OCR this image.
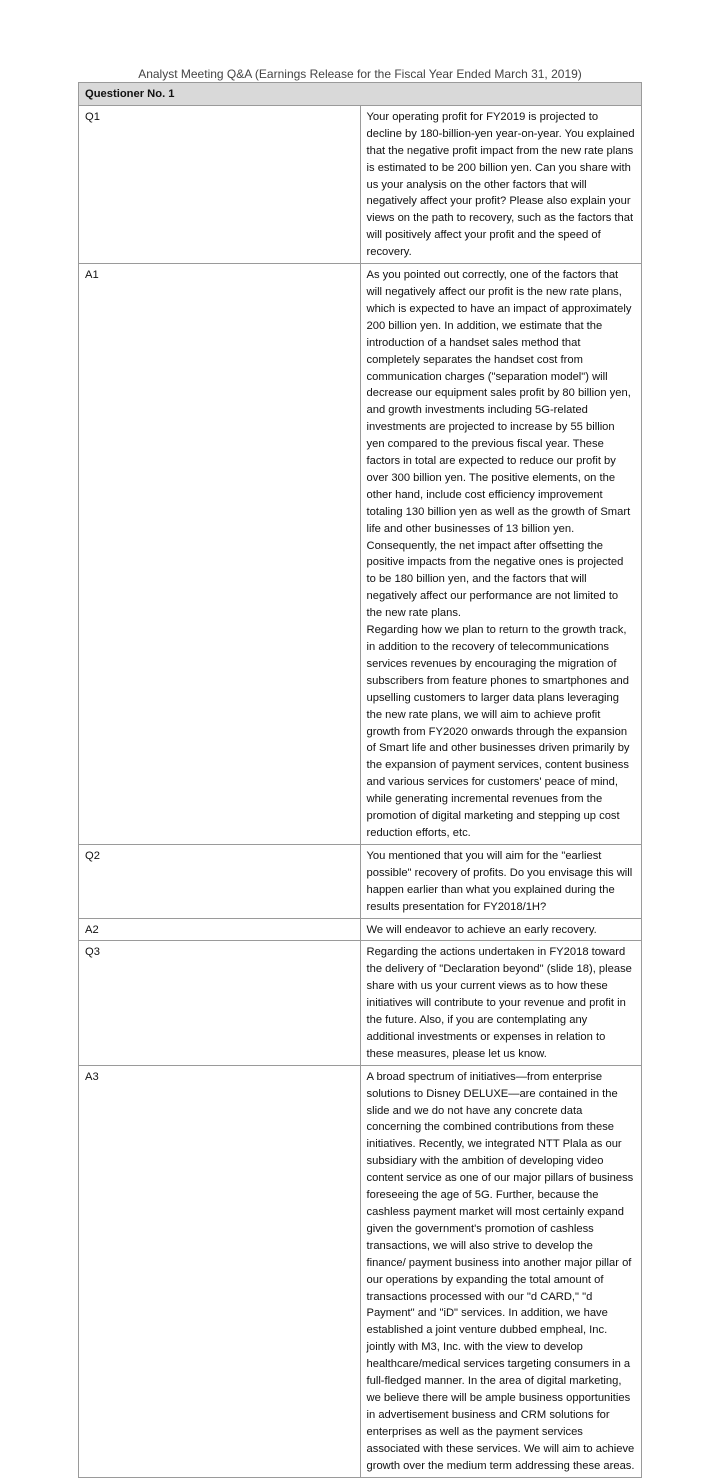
Analyst Meeting Q&A (Earnings Release for the Fiscal Year Ended March 31, 2019)
Questioner No. 1	
Q1	Your operating profit for FY2019 is projected to decline by 180-billion-yen year-on-year. You explained that the negative profit impact from the new rate plans is estimated to be 200 billion yen. Can you share with us your analysis on the other factors that will negatively affect your profit? Please also explain your views on the path to recovery, such as the factors that will positively affect your profit and the speed of recovery.

A1	As you pointed out correctly, one of the factors that will negatively affect our profit is the new rate plans, which is expected to have an impact of approximately 200 billion yen. In addition, we estimate that the introduction of a handset sales method that completely separates the handset cost from communication charges ("separation model") will decrease our equipment sales profit by 80 billion yen, and growth investments including 5G-related investments are projected to increase by 55 billion yen compared to the previous fiscal year. These factors in total are expected to reduce our profit by over 300 billion yen. The positive elements, on the other hand, include cost efficiency improvement totaling 130 billion yen as well as the growth of Smart life and other businesses of 13 billion yen. Consequently, the net impact after offsetting the positive impacts from the negative ones is projected to be 180 billion yen, and the factors that will negatively affect our performance are not limited to the new rate plans.

Regarding how we plan to return to the growth track, in addition to the recovery of telecommunications services revenues by encouraging the migration of subscribers from feature phones to smartphones and upselling customers to larger data plans leveraging the new rate plans, we will aim to achieve profit growth from FY2020 onwards through the expansion of Smart life and other businesses driven primarily by the expansion of payment services, content business and various services for customers' peace of mind, while generating incremental revenues from the promotion of digital marketing and stepping up cost reduction efforts, etc.

Q2	You mentioned that you will aim for the "earliest possible" recovery of profits. Do you envisage this will happen earlier than what you explained during the results presentation for FY2018/1H?

A2	We will endeavor to achieve an early recovery.

Q3	Regarding the actions undertaken in FY2018 toward the delivery of "Declaration beyond" (slide 18), please share with us your current views as to how these initiatives will contribute to your revenue and profit in the future. Also, if you are contemplating any additional investments or expenses in relation to these measures, please let us know.

A3	A broad spectrum of initiatives—from enterprise solutions to Disney DELUXE—are contained in the slide and we do not have any concrete data concerning the combined contributions from these initiatives. Recently, we integrated NTT Plala as our subsidiary with the ambition of developing video content service as one of our major pillars of business foreseeing the age of 5G. Further, because the cashless payment market will most certainly expand given the government's promotion of cashless transactions, we will also strive to develop the finance/ payment business into another major pillar of our operations by expanding the total amount of transactions processed with our "d CARD," "d Payment" and "iD" services. In addition, we have established a joint venture dubbed empheal, Inc. jointly with M3, Inc. with the view to develop healthcare/medical services targeting consumers in a full-fledged manner. In the area of digital marketing, we believe there will be ample business opportunities in advertisement business and CRM solutions for enterprises as well as the payment services associated with these services. We will aim to achieve growth over the medium term addressing these areas.
